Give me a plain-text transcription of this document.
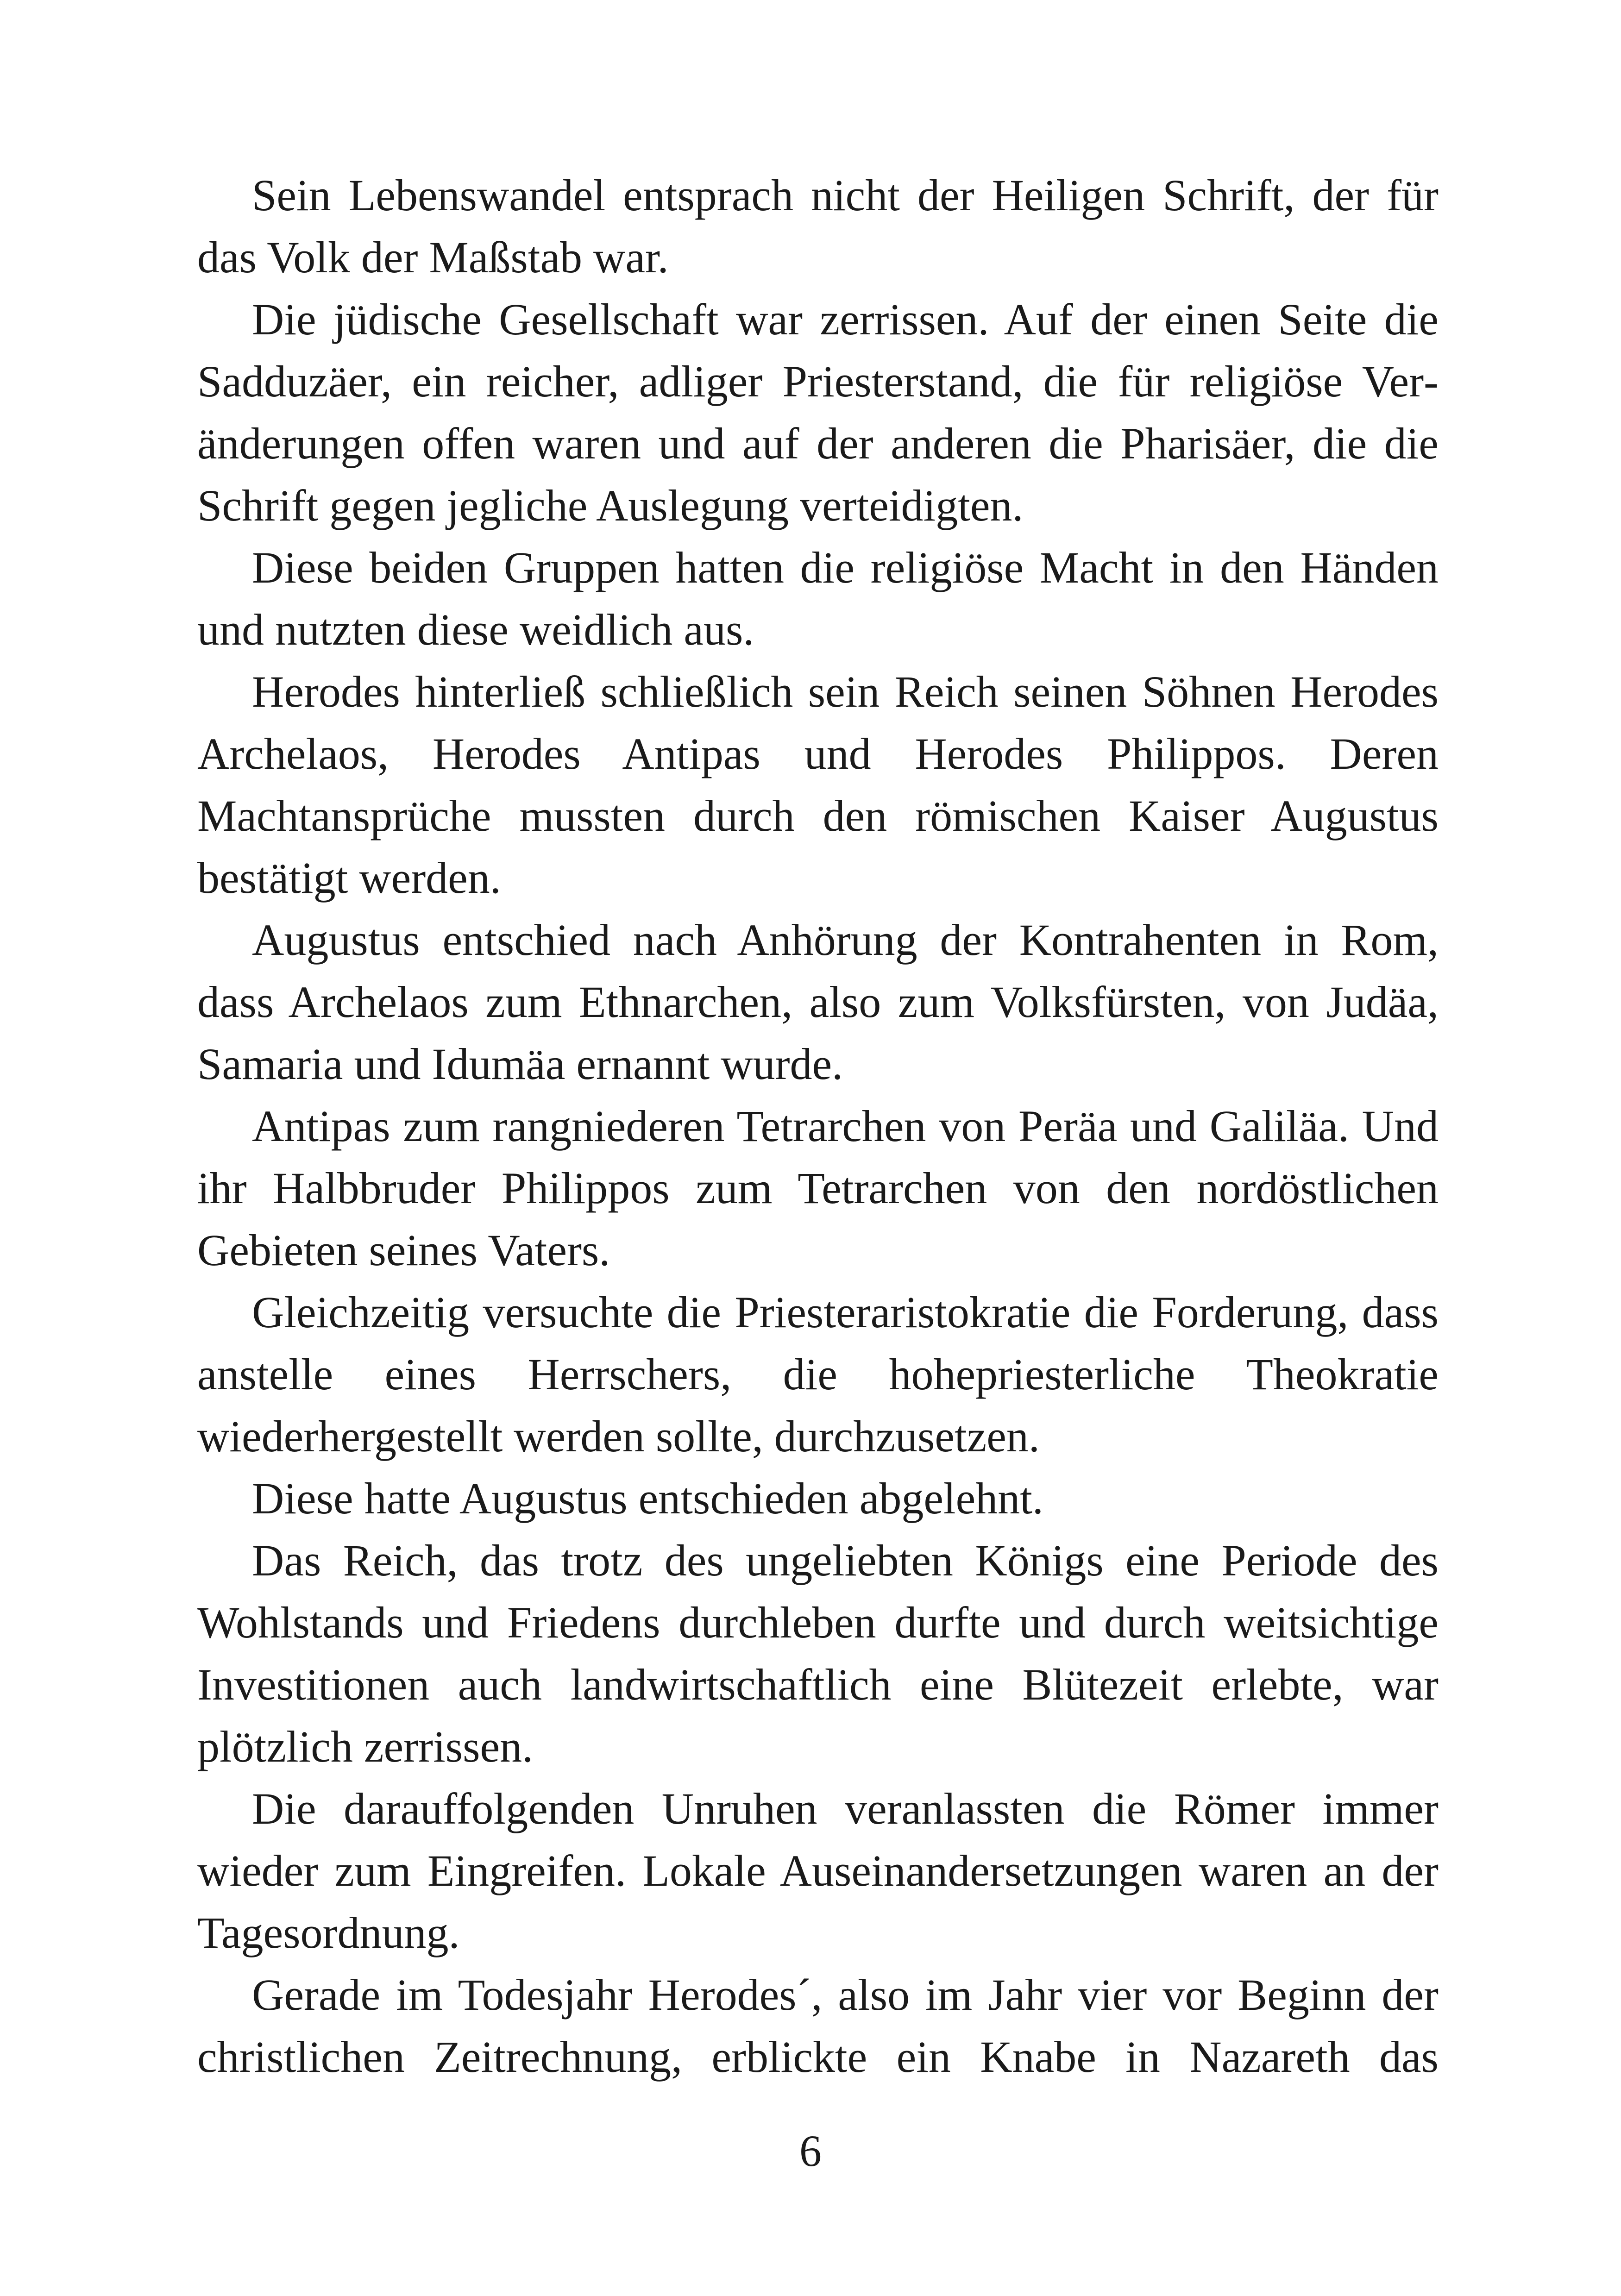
Sein Lebenswandel entsprach nicht der Heiligen Schrift, der für das Volk der Maßstab war.

Die jüdische Gesellschaft war zerrissen. Auf der einen Seite die Sadduzäer, ein reicher, adliger Priesterstand, die für religiöse Veränderungen offen waren und auf der anderen die Pharisäer, die die Schrift gegen jegliche Auslegung verteidigten.

Diese beiden Gruppen hatten die religiöse Macht in den Händen und nutzten diese weidlich aus.

Herodes hinterließ schließlich sein Reich seinen Söhnen Herodes Archelaos, Herodes Antipas und Herodes Philippos. Deren Machtansprüche mussten durch den römischen Kaiser Augustus bestätigt werden.

Augustus entschied nach Anhörung der Kontrahenten in Rom, dass Archelaos zum Ethnarchen, also zum Volksfürsten, von Judäa, Samaria und Idumäa ernannt wurde.

Antipas zum rangniederen Tetrarchen von Peräa und Galiläa. Und ihr Halbbruder Philippos zum Tetrarchen von den nordöstlichen Gebieten seines Vaters.

Gleichzeitig versuchte die Priesteraristokratie die Forderung, dass anstelle eines Herrschers, die hohepriesterliche Theokratie wiederhergestellt werden sollte, durchzusetzen.

Diese hatte Augustus entschieden abgelehnt.

Das Reich, das trotz des ungeliebten Königs eine Periode des Wohlstands und Friedens durchleben durfte und durch weitsichtige Investitionen auch landwirtschaftlich eine Blütezeit erlebte, war plötzlich zerrissen.

Die darauffolgenden Unruhen veranlassten die Römer immer wieder zum Eingreifen. Lokale Auseinandersetzungen waren an der Tagesordnung.

Gerade im Todesjahr Herodes´, also im Jahr vier vor Beginn der christlichen Zeitrechnung, erblickte ein Knabe in Nazareth das

6
